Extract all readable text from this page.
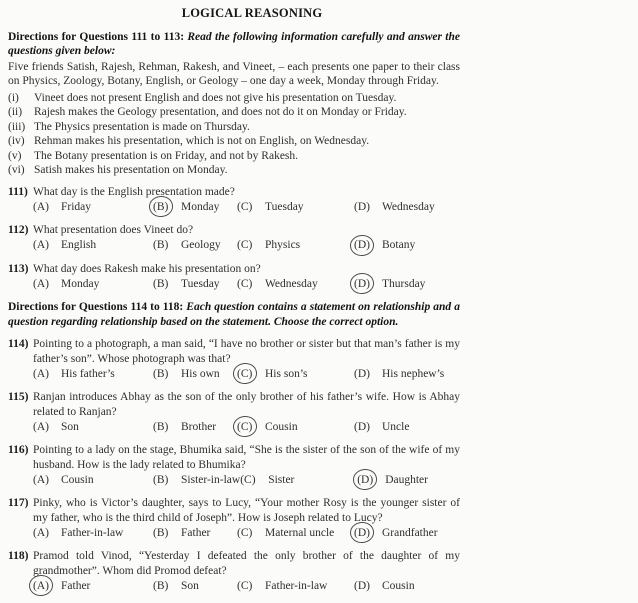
LOGICAL REASONING
Directions for Questions 111 to 113: Read the following information carefully and answer the questions given below:
Five friends Satish, Rajesh, Rehman, Rakesh, and Vineet, – each presents one paper to their class on Physics, Zoology, Botany, English, or Geology – one day a week, Monday through Friday.
(i)	Vineet does not present English and does not give his presentation on Tuesday.
(ii)	Rajesh makes the Geology presentation, and does not do it on Monday or Friday.
(iii) The Physics presentation is made on Thursday.
(iv) Rehman makes his presentation, which is not on English, on Wednesday.
(v)	The Botany presentation is on Friday, and not by Rakesh.
(vi) Satish makes his presentation on Monday.
111) What day is the English presentation made?
(A) Friday	(B) Monday	(C) Tuesday	(D) Wednesday
112) What presentation does Vineet do?
(A) English	(B) Geology	(C) Physics	(D) Botany
113) What day does Rakesh make his presentation on?
(A) Monday	(B) Tuesday	(C) Wednesday	(D) Thursday
Directions for Questions 114 to 118: Each question contains a statement on relationship and a question regarding relationship based on the statement. Choose the correct option.
114) Pointing to a photograph, a man said, “I have no brother or sister but that man’s father is my father’s son”. Whose photograph was that?
(A) His father’s	(B) His own	(C) His son’s	(D) His nephew’s
115) Ranjan introduces Abhay as the son of the only brother of his father’s wife. How is Abhay related to Ranjan?
(A) Son	(B) Brother	(C) Cousin	(D) Uncle
116) Pointing to a lady on the stage, Bhumika said, “She is the sister of the son of the wife of my husband. How is the lady related to Bhumika?
(A) Cousin	(B) Sister-in-law (C) Sister	(D) Daughter
117) Pinky, who is Victor’s daughter, says to Lucy, “Your mother Rosy is the younger sister of my father, who is the third child of Joseph”. How is Joseph related to Lucy?
(A) Father-in-law	(B) Father	(C) Maternal uncle	(D) Grandfather
118) Pramod told Vinod, “Yesterday I defeated the only brother of the daughter of my grandmother”. Whom did Promod defeat?
(A) Father	(B) Son	(C) Father-in-law	(D) Cousin
